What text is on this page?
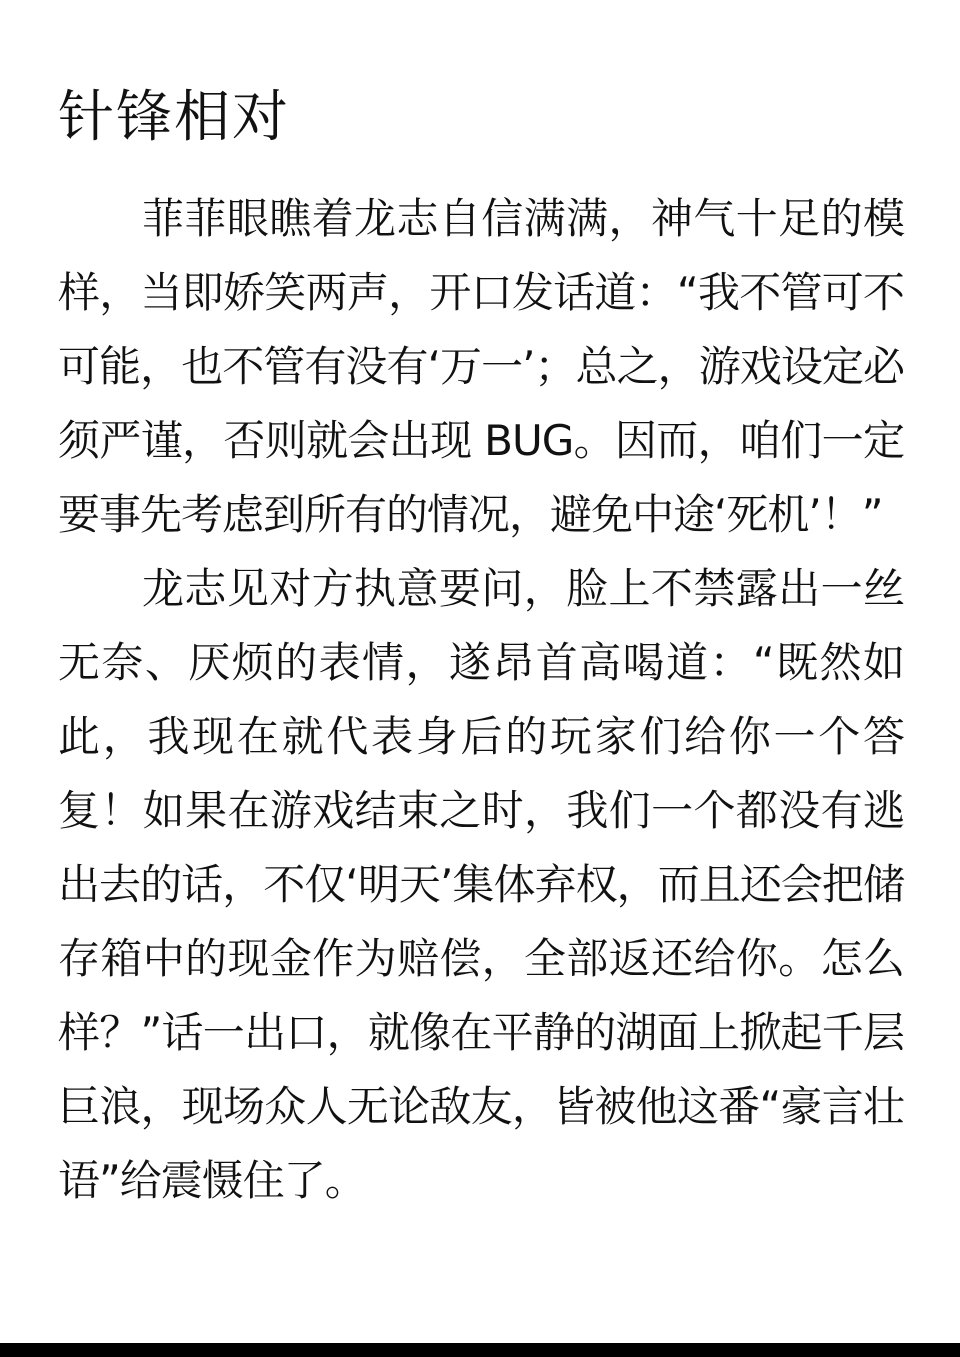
针锋相对

菲菲眼瞧着龙志自信满满，神气十足的模样，当即娇笑两声，开口发话道：“我不管可不可能，也不管有没有‘万一’；总之，游戏设定必须严谨，否则就会出现 BUG。因而，咱们一定要事先考虑到所有的情况，避免中途‘死机’！”

龙志见对方执意要问，脸上不禁露出一丝无奈、厌烦的表情，遂昂首高喝道：“既然如此，我现在就代表身后的玩家们给你一个答复！如果在游戏结束之时，我们一个都没有逃出去的话，不仅‘明天’集体弃权，而且还会把储存箱中的现金作为赔偿，全部返还给你。怎么样？”话一出口，就像在平静的湖面上掀起千层巨浪，现场众人无论敌友，皆被他这番“豪言壮语”给震慑住了。
